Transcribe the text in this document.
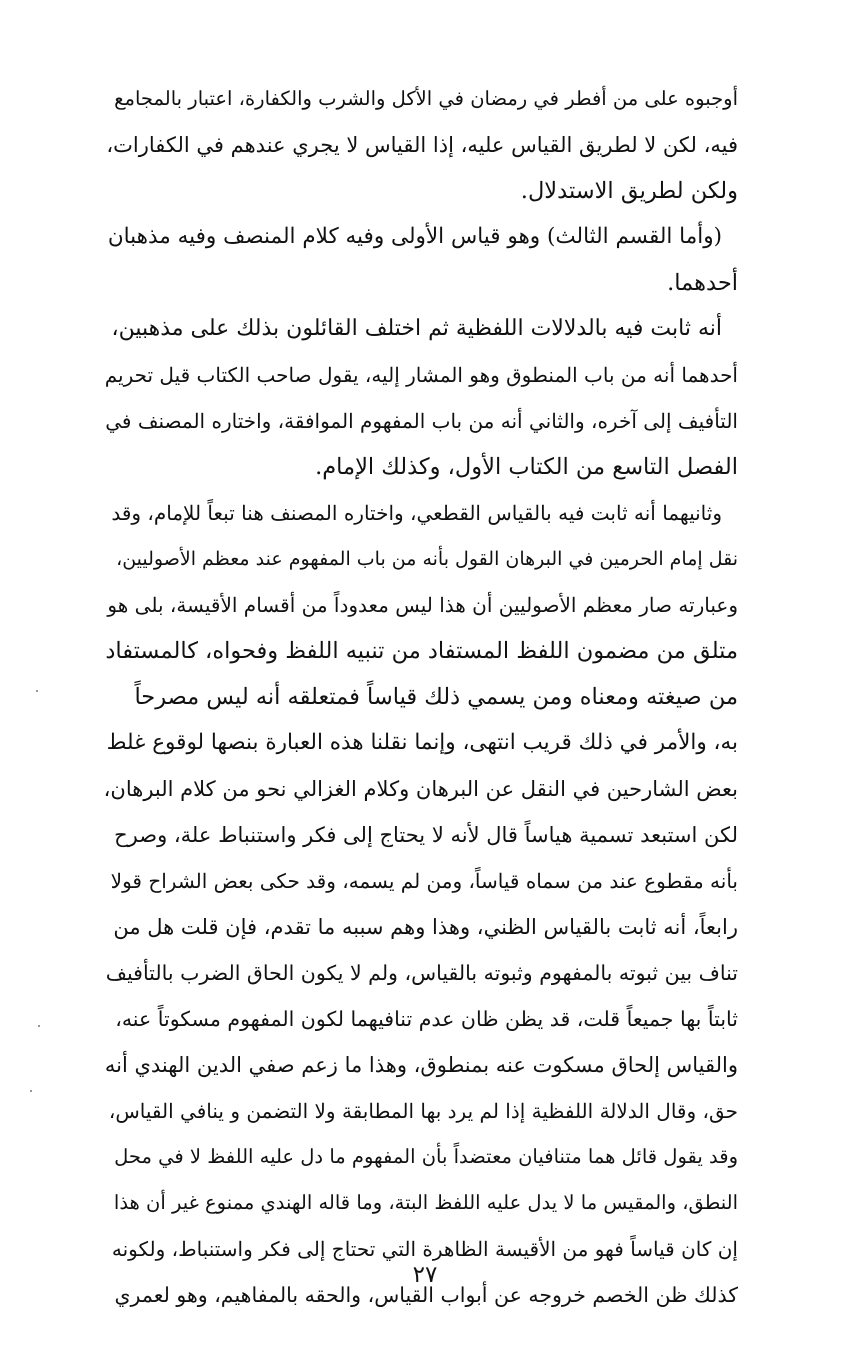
أوجبوه على من أفطر في رمضان في الأكل والشرب والكفارة، اعتبار بالمجامع
فيه، لكن لا لطريق القياس عليه، إذا القياس لا يجري عندهم في الكفارات،
ولكن لطريق الاستدلال.
(وأما القسم الثالث) وهو قياس الأولى وفيه كلام المنصف وفيه مذهبان
أحدهما.
أنه ثابت فيه بالدلالات اللفظية ثم اختلف القائلون بذلك على مذهبين،
أحدهما أنه من باب المنطوق وهو المشار إليه، يقول صاحب الكتاب قيل تحريم
التأفيف إلى آخره، والثاني أنه من باب المفهوم الموافقة، واختاره المصنف في
الفصل التاسع من الكتاب الأول، وكذلك الإمام.
وثانيهما أنه ثابت فيه بالقياس القطعي، واختاره المصنف هنا تبعاً للإمام، وقد
نقل إمام الحرمين في البرهان القول بأنه من باب المفهوم عند معظم الأصوليين،
وعبارته صار معظم الأصوليين أن هذا ليس معدوداً من أقسام الأقيسة، بلى هو
متلق من مضمون اللفظ المستفاد من تنبيه اللفظ وفحواه، كالمستفاد
من صيغته ومعناه ومن يسمي ذلك قياساً فمتعلقه أنه ليس مصرحاً
به، والأمر في ذلك قريب انتهى، وإنما نقلنا هذه العبارة بنصها لوقوع غلط
بعض الشارحين في النقل عن البرهان وكلام الغزالي نحو من كلام البرهان،
لكن استبعد تسمية هياساً قال لأنه لا يحتاج إلى فكر واستنباط علة، وصرح
بأنه مقطوع عند من سماه قياساً، ومن لم يسمه، وقد حكى بعض الشراح قولا
رابعاً، أنه ثابت بالقياس الظني، وهذا وهم سببه ما تقدم، فإن قلت هل من
تناف بين ثبوته بالمفهوم وثبوته بالقياس، ولم لا يكون الحاق الضرب بالتأفيف
ثابتاً بها جميعاً قلت، قد يظن ظان عدم تنافيهما لكون المفهوم مسكوتاً عنه،
والقياس إلحاق مسكوت عنه بمنطوق، وهذا ما زعم صفي الدين الهندي أنه
حق، وقال الدلالة اللفظية إذا لم يرد بها المطابقة ولا التضمن و ينافي القياس،
وقد يقول قائل هما متنافيان معتضداً بأن المفهوم ما دل عليه اللفظ لا في محل
النطق، والمقيس ما لا يدل عليه اللفظ البتة، وما قاله الهندي ممنوع غير أن هذا
إن كان قياساً فهو من الأقيسة الظاهرة التي تحتاج إلى فكر واستنباط، ولكونه
كذلك ظن الخصم خروجه عن أبواب القياس، والحقه بالمفاهيم، وهو لعمري
٢٧
